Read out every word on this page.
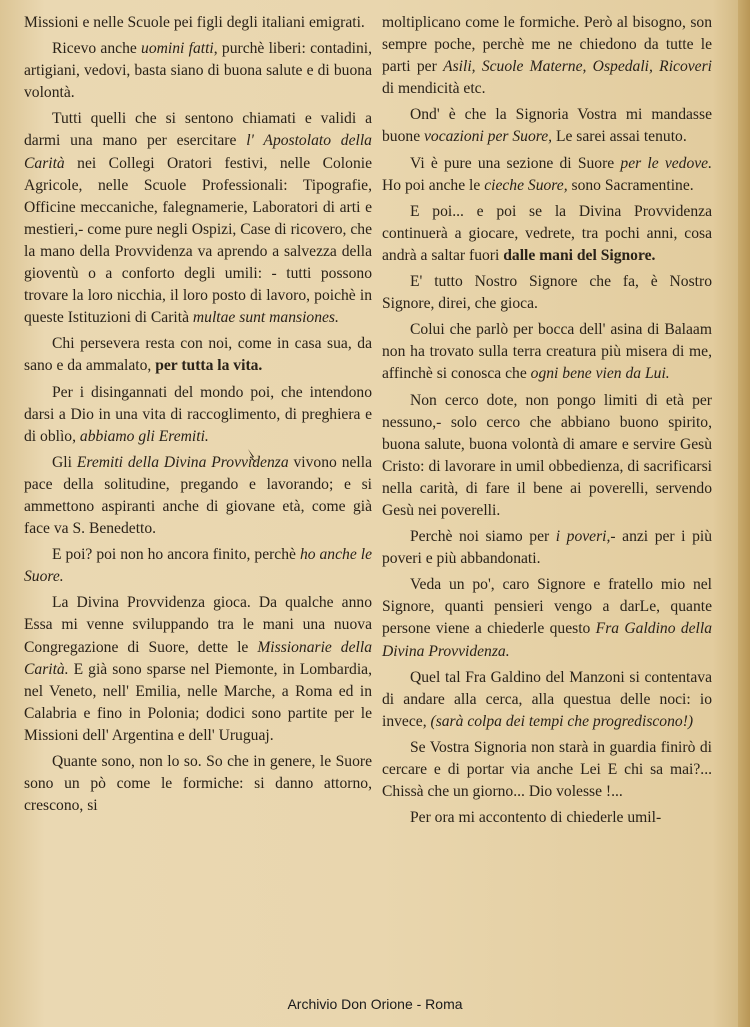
Missioni e nelle Scuole pei figli degli italiani emigrati.

Ricevo anche uomini fatti, purchè liberi: contadini, artigiani, vedovi, basta siano di buona salute e di buona volontà.

Tutti quelli che si sentono chiamati e validi a darmi una mano per esercitare l' Apostolato della Carità nei Collegi Oratori festivi, nelle Colonie Agricole, nelle Scuole Professionali: Tipografie, Officine meccaniche, falegnamerie, Laboratori di arti e mestieri,- come pure negli Ospizi, Case di ricovero, che la mano della Provvidenza va aprendo a salvezza della gioventù o a conforto degli umili: - tutti possono trovare la loro nicchia, il loro posto di lavoro, poichè in queste Istituzioni di Carità multae sunt mansiones.

Chi persevera resta con noi, come in casa sua, da sano e da ammalato, per tutta la vita.

Per i disingannati del mondo poi, che intendono darsi a Dio in una vita di raccoglimento, di preghiera e di oblìo, abbiamo gli Eremiti.

Gli Eremiti della Divina Provvidenza vivono nella pace della solitudine, pregando e lavorando; e si ammettono aspiranti anche di giovane età, come già face va S. Benedetto.

E poi? poi non ho ancora finito, perchè ho anche le Suore.

La Divina Provvidenza gioca. Da qualche anno Essa mi venne sviluppando tra le mani una nuova Congregazione di Suore, dette le Missionarie della Carità. E già sono sparse nel Piemonte, in Lombardia, nel Veneto, nell' Emilia, nelle Marche, a Roma ed in Calabria e fino in Polonia; dodici sono partite per le Missioni dell' Argentina e dell' Uruguaj.

Quante sono, non lo so. So che in genere, le Suore sono un pò come le formiche: si danno attorno, crescono, si

moltiplicano come le formiche. Però al bisogno, son sempre poche, perchè me ne chiedono da tutte le parti per Asili, Scuole Materne, Ospedali, Ricoveri di mendicità etc.

Ond' è che la Signoria Vostra mi mandasse buone vocazioni per Suore, Le sarei assai tenuto.

Vi è pure una sezione di Suore per le vedove. Ho poi anche le cieche Suore, sono Sacramentine.

E poi... e poi se la Divina Provvidenza continuerà a giocare, vedrete, tra pochi anni, cosa andrà a saltar fuori dalle mani del Signore.

E' tutto Nostro Signore che fa, è Nostro Signore, direi, che gioca.

Colui che parlò per bocca dell' asina di Balaam non ha trovato sulla terra creatura più misera di me, affinchè si conosca che ogni bene vien da Lui.

Non cerco dote, non pongo limiti di età per nessuno,- solo cerco che abbiano buono spirito, buona salute, buona volontà di amare e servire Gesù Cristo: di lavorare in umil obbedienza, di sacrificarsi nella carità, di fare il bene ai poverelli, servendo Gesù nei poverelli.

Perchè noi siamo per i poveri,- anzi per i più poveri e più abbandonati.

Veda un po', caro Signore e fratello mio nel Signore, quanti pensieri vengo a darLe, quante persone viene a chiederle questo Fra Galdino della Divina Provvidenza.

Quel tal Fra Galdino del Manzoni si contentava di andare alla cerca, alla questua delle noci: io invece, (sarà colpa dei tempi che progrediscono!)

Se Vostra Signoria non starà in guardia finirò di cercare e di portar via anche Lei E chi sa mai?... Chissà che un giorno... Dio volesse !...

Per ora mi accontento di chiederle umil-

Archivio Don Orione - Roma
